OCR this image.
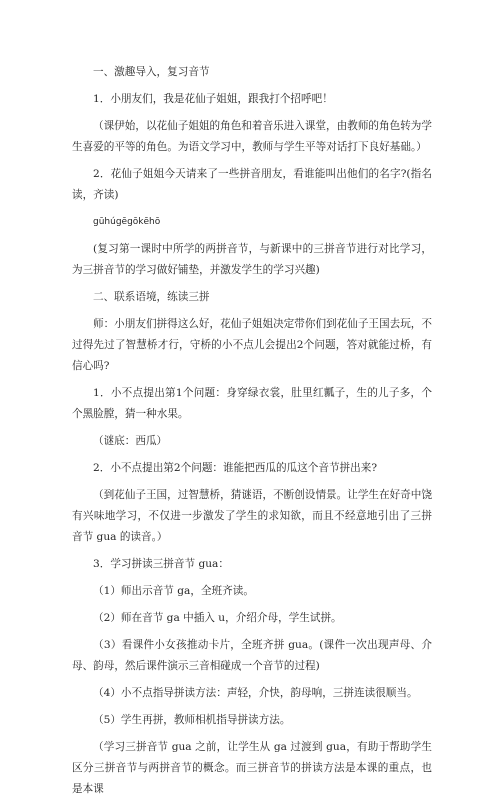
一、激趣导入，复习音节

1．小朋友们，我是花仙子姐姐，跟我打个招呼吧！

（课伊始，以花仙子姐姐的角色和着音乐进入课堂，由教师的角色转为学生喜爱的平等的角色。为语文学习中，教师与学生平等对话打下良好基础。）

2．花仙子姐姐今天请来了一些拼音朋友，看谁能叫出他们的名字?(指名读，齐读)

gūhúgēgōkēhō

(复习第一课时中所学的两拼音节，与新课中的三拼音节进行对比学习，为三拼音节的学习做好铺垫，并激发学生的学习兴趣)

二、联系语境，练读三拼

师：小朋友们拼得这么好，花仙子姐姐决定带你们到花仙子王国去玩，不过得先过了智慧桥才行，守桥的小不点儿会提出2个问题，答对就能过桥，有信心吗?

1．小不点提出第1个问题：身穿绿衣裳，肚里红瓤子，生的儿子多，个个黑脸膛，猜一种水果。

（谜底：西瓜）

2．小不点提出第2个问题：谁能把西瓜的瓜这个音节拼出来?

（到花仙子王国，过智慧桥，猜谜语，不断创设情景。让学生在好奇中饶有兴味地学习，不仅进一步激发了学生的求知欲，而且不经意地引出了三拼音节 gua 的读音。）

3．学习拼读三拼音节 gua：

（1）师出示音节 ga，全班齐读。

（2）师在音节 ga 中插入 u，介绍介母，学生试拼。

（3）看课件小女孩推动卡片，全班齐拼 gua。(课件一次出现声母、介母、韵母，然后课件演示三音相碰成一个音节的过程)

（4）小不点指导拼读方法：声轻，介快，韵母响，三拼连读很顺当。

（5）学生再拼，教师相机指导拼读方法。

（学习三拼音节 gua 之前，让学生从 ga 过渡到 gua，有助于帮助学生区分三拼音节与两拼音节的概念。而三拼音节的拼读方法是本课的重点，也是本课
